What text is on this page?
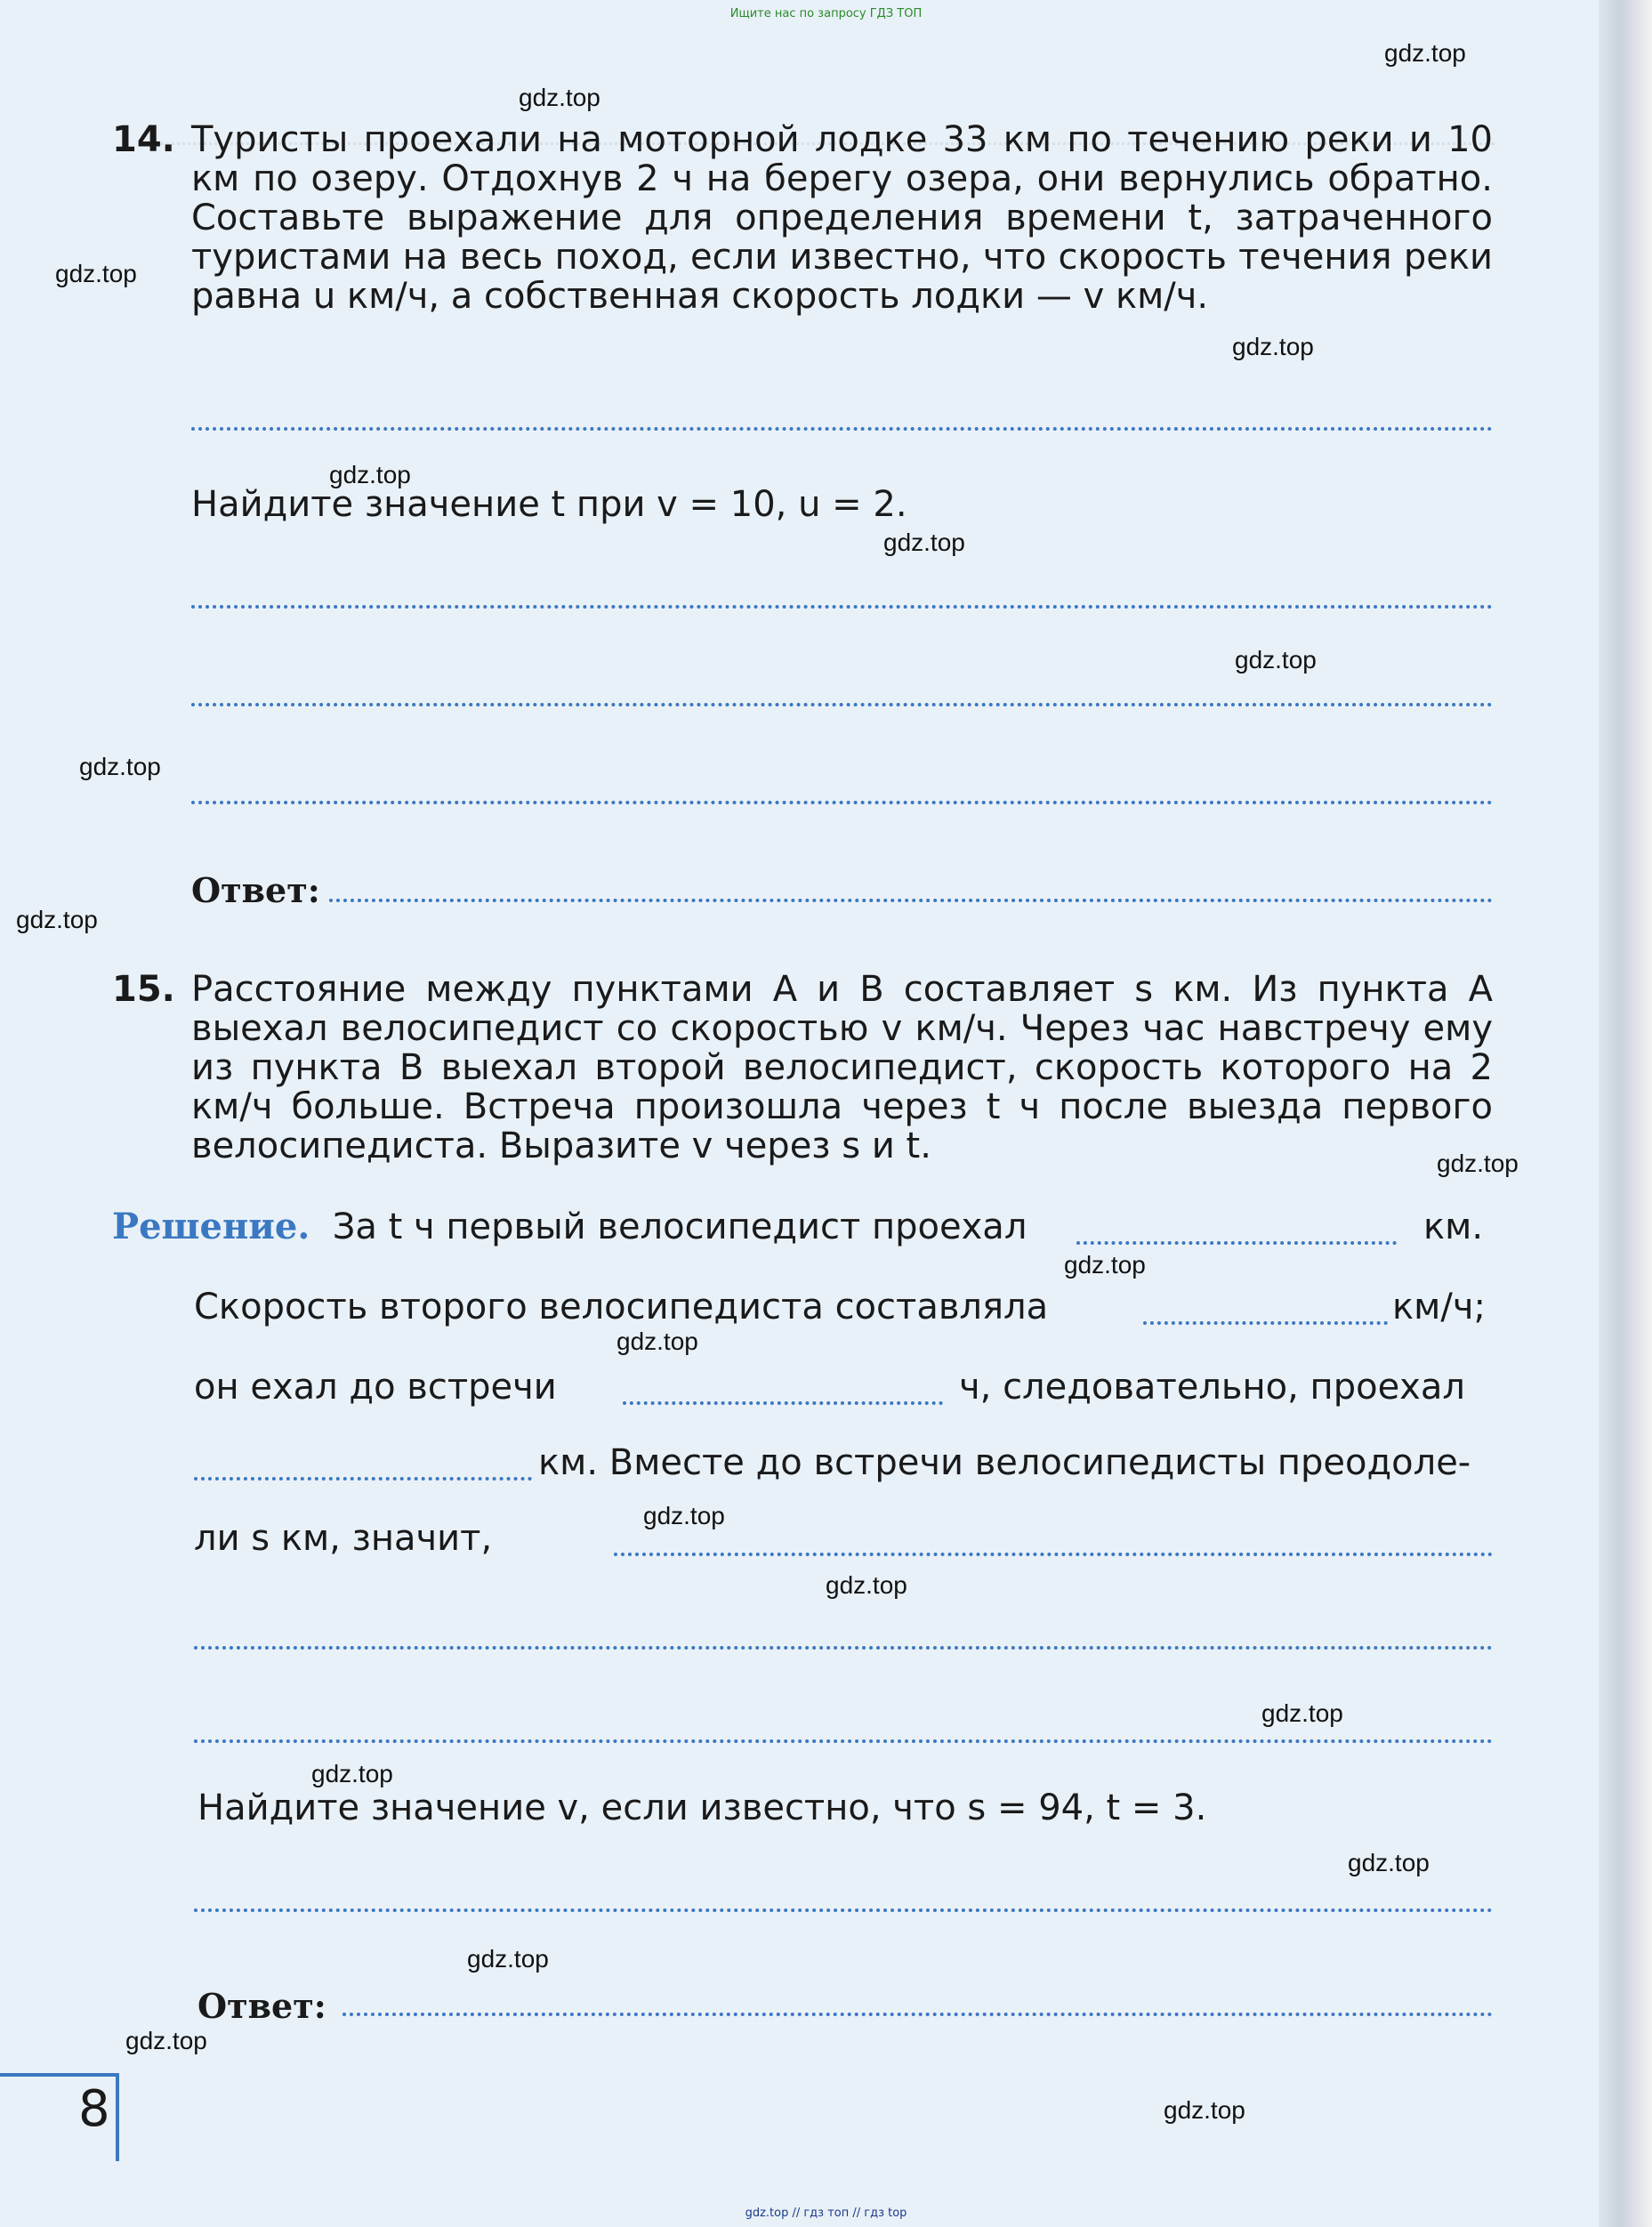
Ищите нас по запросу ГДЗ ТОП
gdz.top
gdz.top
gdz.top
gdz.top
gdz.top
gdz.top
gdz.top
gdz.top
gdz.top
gdz.top
gdz.top
gdz.top
gdz.top
gdz.top
gdz.top
gdz.top
gdz.top
gdz.top
gdz.top
gdz.top
14. Туристы проехали на моторной лодке 33 км по течению реки и 10 км по озеру. Отдохнув 2 ч на берегу озера, они вернулись обратно. Составьте выражение для определения времени t, затраченного туристами на весь поход, если известно, что скорость течения реки равна u км/ч, а собственная скорость лодки — v км/ч.
Найдите значение t при v = 10, u = 2.
Ответ:
15. Расстояние между пунктами A и B составляет s км. Из пункта A выехал велосипедист со скоростью v км/ч. Через час навстречу ему из пункта B выехал второй велосипедист, скорость которого на 2 км/ч больше. Встреча произошла через t ч после выезда первого велосипедиста. Выразите v через s и t.
Решение. За t ч первый велосипедист проехал	км.
Скорость второго велосипедиста составляла	км/ч;
он ехал до встречи	ч, следовательно, проехал
км. Вместе до встречи велосипедисты преодоле-
ли s км, значит,
Найдите значение v, если известно, что s = 94, t = 3.
Ответ:
8
gdz.top // гдз топ // гдз top
